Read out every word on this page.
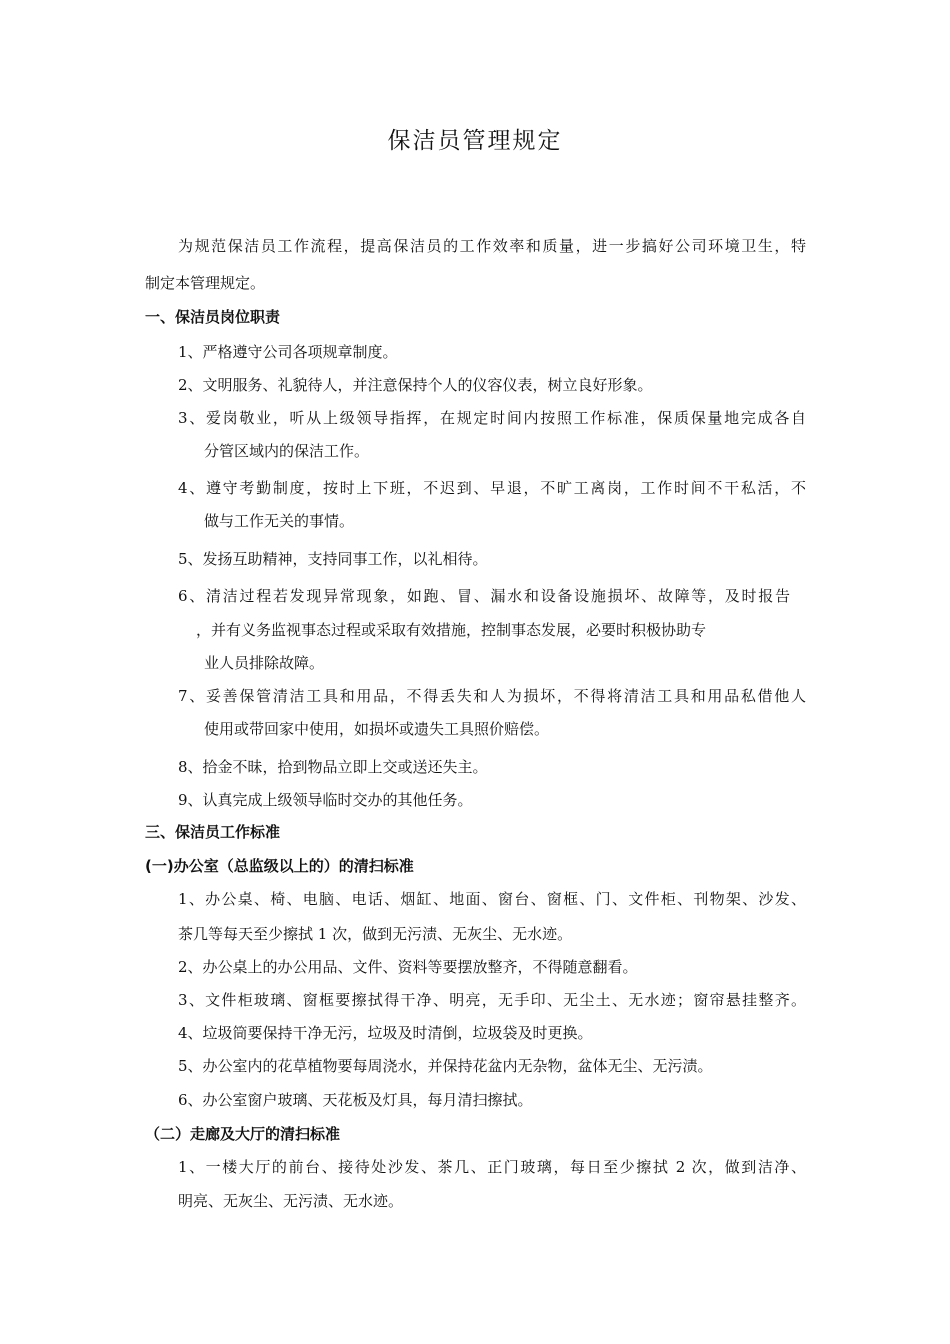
保洁员管理规定
为规范保洁员工作流程，提高保洁员的工作效率和质量，进一步搞好公司环境卫生，特
制定本管理规定。
一、保洁员岗位职责
1、严格遵守公司各项规章制度。
2、文明服务、礼貌待人，并注意保持个人的仪容仪表，树立良好形象。
3、爱岗敬业，听从上级领导指挥，在规定时间内按照工作标准，保质保量地完成各自
分管区域内的保洁工作。
4、遵守考勤制度，按时上下班，不迟到、早退，不旷工离岗，工作时间不干私活，不
做与工作无关的事情。
5、发扬互助精神，支持同事工作，以礼相待。
6、清洁过程若发现异常现象，如跑、冒、漏水和设备设施损坏、故障等，及时报告
，并有义务监视事态过程或采取有效措施，控制事态发展，必要时积极协助专
业人员排除故障。
7、妥善保管清洁工具和用品，不得丢失和人为损坏，不得将清洁工具和用品私借他人
使用或带回家中使用，如损坏或遗失工具照价赔偿。
8、拾金不昧，拾到物品立即上交或送还失主。
9、认真完成上级领导临时交办的其他任务。
三、保洁员工作标准
(一)办公室（总监级以上的）的清扫标准
1、办公桌、椅、电脑、电话、烟缸、地面、窗台、窗框、门、文件柜、刊物架、沙发、
茶几等每天至少擦拭 1 次，做到无污渍、无灰尘、无水迹。
2、办公桌上的办公用品、文件、资料等要摆放整齐，不得随意翻看。
3、文件柜玻璃、窗框要擦拭得干净、明亮，无手印、无尘土、无水迹；窗帘悬挂整齐。
4、垃圾筒要保持干净无污，垃圾及时清倒，垃圾袋及时更换。
5、办公室内的花草植物要每周浇水，并保持花盆内无杂物，盆体无尘、无污渍。
6、办公室窗户玻璃、天花板及灯具，每月清扫擦拭。
（二）走廊及大厅的清扫标准
1、一楼大厅的前台、接待处沙发、茶几、正门玻璃，每日至少擦拭 2 次，做到洁净、
明亮、无灰尘、无污渍、无水迹。
